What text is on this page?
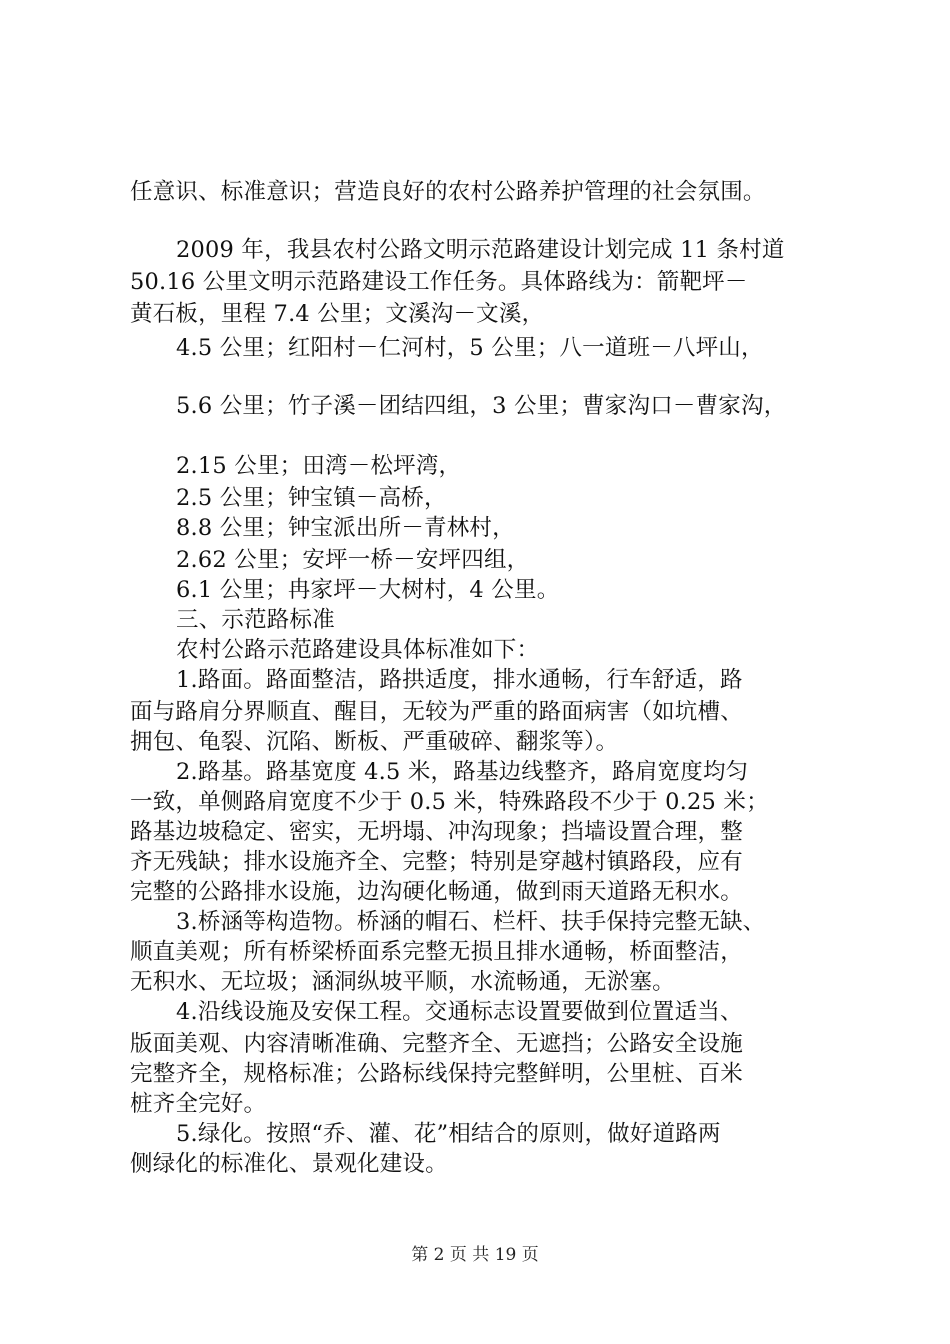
任意识、标准意识；营造良好的农村公路养护管理的社会氛围。
2009 年，我县农村公路文明示范路建设计划完成 11 条村道
50.16 公里文明示范路建设工作任务。具体路线为：箭靶坪－
黄石板，里程 7.4 公里；文溪沟－文溪，
4.5 公里；红阳村－仁河村，5 公里；八一道班－八坪山，
5.6 公里；竹子溪－团结四组，3 公里；曹家沟口－曹家沟，
2.15 公里；田湾－松坪湾，
2.5 公里；钟宝镇－高桥，
8.8 公里；钟宝派出所－青林村，
2.62 公里；安坪一桥－安坪四组，
6.1 公里；冉家坪－大树村，4 公里。
三、示范路标准
农村公路示范路建设具体标准如下：
1.路面。路面整洁，路拱适度，排水通畅，行车舒适，路
面与路肩分界顺直、醒目，无较为严重的路面病害（如坑槽、
拥包、龟裂、沉陷、断板、严重破碎、翻浆等）。
2.路基。路基宽度 4.5 米，路基边线整齐，路肩宽度均匀
一致，单侧路肩宽度不少于 0.5 米，特殊路段不少于 0.25 米；
路基边坡稳定、密实，无坍塌、冲沟现象；挡墙设置合理，整
齐无残缺；排水设施齐全、完整；特别是穿越村镇路段，应有
完整的公路排水设施，边沟硬化畅通，做到雨天道路无积水。
3.桥涵等构造物。桥涵的帽石、栏杆、扶手保持完整无缺、
顺直美观；所有桥梁桥面系完整无损且排水通畅，桥面整洁，
无积水、无垃圾；涵洞纵坡平顺，水流畅通，无淤塞。
4.沿线设施及安保工程。交通标志设置要做到位置适当、
版面美观、内容清晰准确、完整齐全、无遮挡；公路安全设施
完整齐全，规格标准；公路标线保持完整鲜明，公里桩、百米
桩齐全完好。
5.绿化。按照“乔、灌、花”相结合的原则，做好道路两
侧绿化的标准化、景观化建设。
第 2 页 共 19 页
